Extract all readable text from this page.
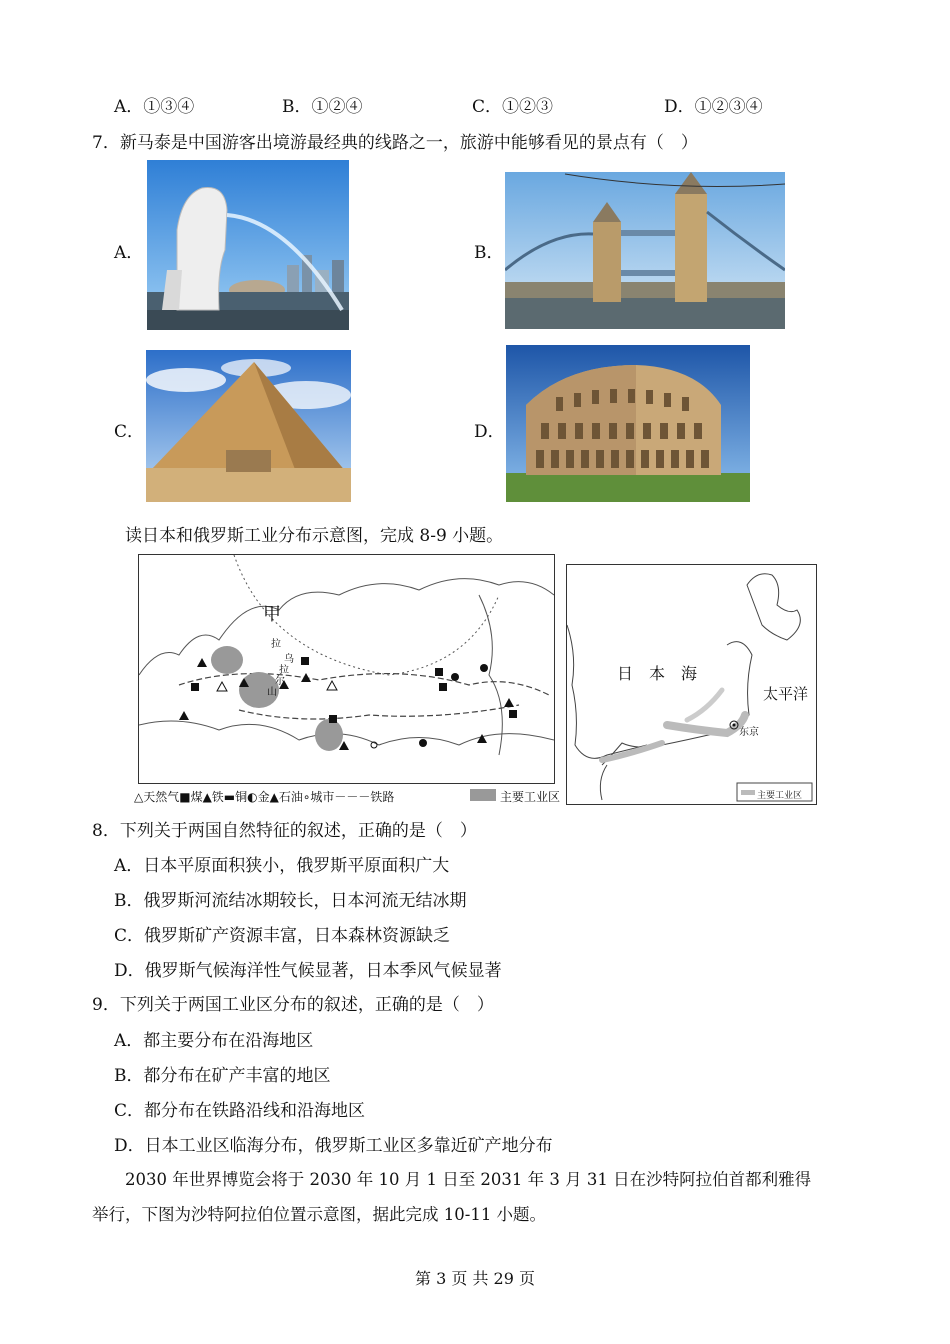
A．①③④	B．①②④	C．①②③	D．①②③④
7．新马泰是中国游客出境游最经典的线路之一，旅游中能够看见的景点有（　）
A．	B．
C．	D．
读日本和俄罗斯工业分布示意图，完成 8-9 小题。
甲
乌
拉
尔
拉
山
△天然气■煤▲铁▬铜◐金▲石油∘城市－－－铁路	主要工业区
日　本　海
太平洋
东京
主要工业区
8．下列关于两国自然特征的叙述，正确的是（　）
A．日本平原面积狭小，俄罗斯平原面积广大
B．俄罗斯河流结冰期较长，日本河流无结冰期
C．俄罗斯矿产资源丰富，日本森林资源缺乏
D．俄罗斯气候海洋性气候显著，日本季风气候显著
9．下列关于两国工业区分布的叙述，正确的是（　）
A．都主要分布在沿海地区
B．都分布在矿产丰富的地区
C．都分布在铁路沿线和沿海地区
D．日本工业区临海分布，俄罗斯工业区多靠近矿产地分布
2030 年世界博览会将于 2030 年 10 月 1 日至 2031 年 3 月 31 日在沙特阿拉伯首都利雅得
举行，下图为沙特阿拉伯位置示意图，据此完成 10-11 小题。
第 3 页 共 29 页
